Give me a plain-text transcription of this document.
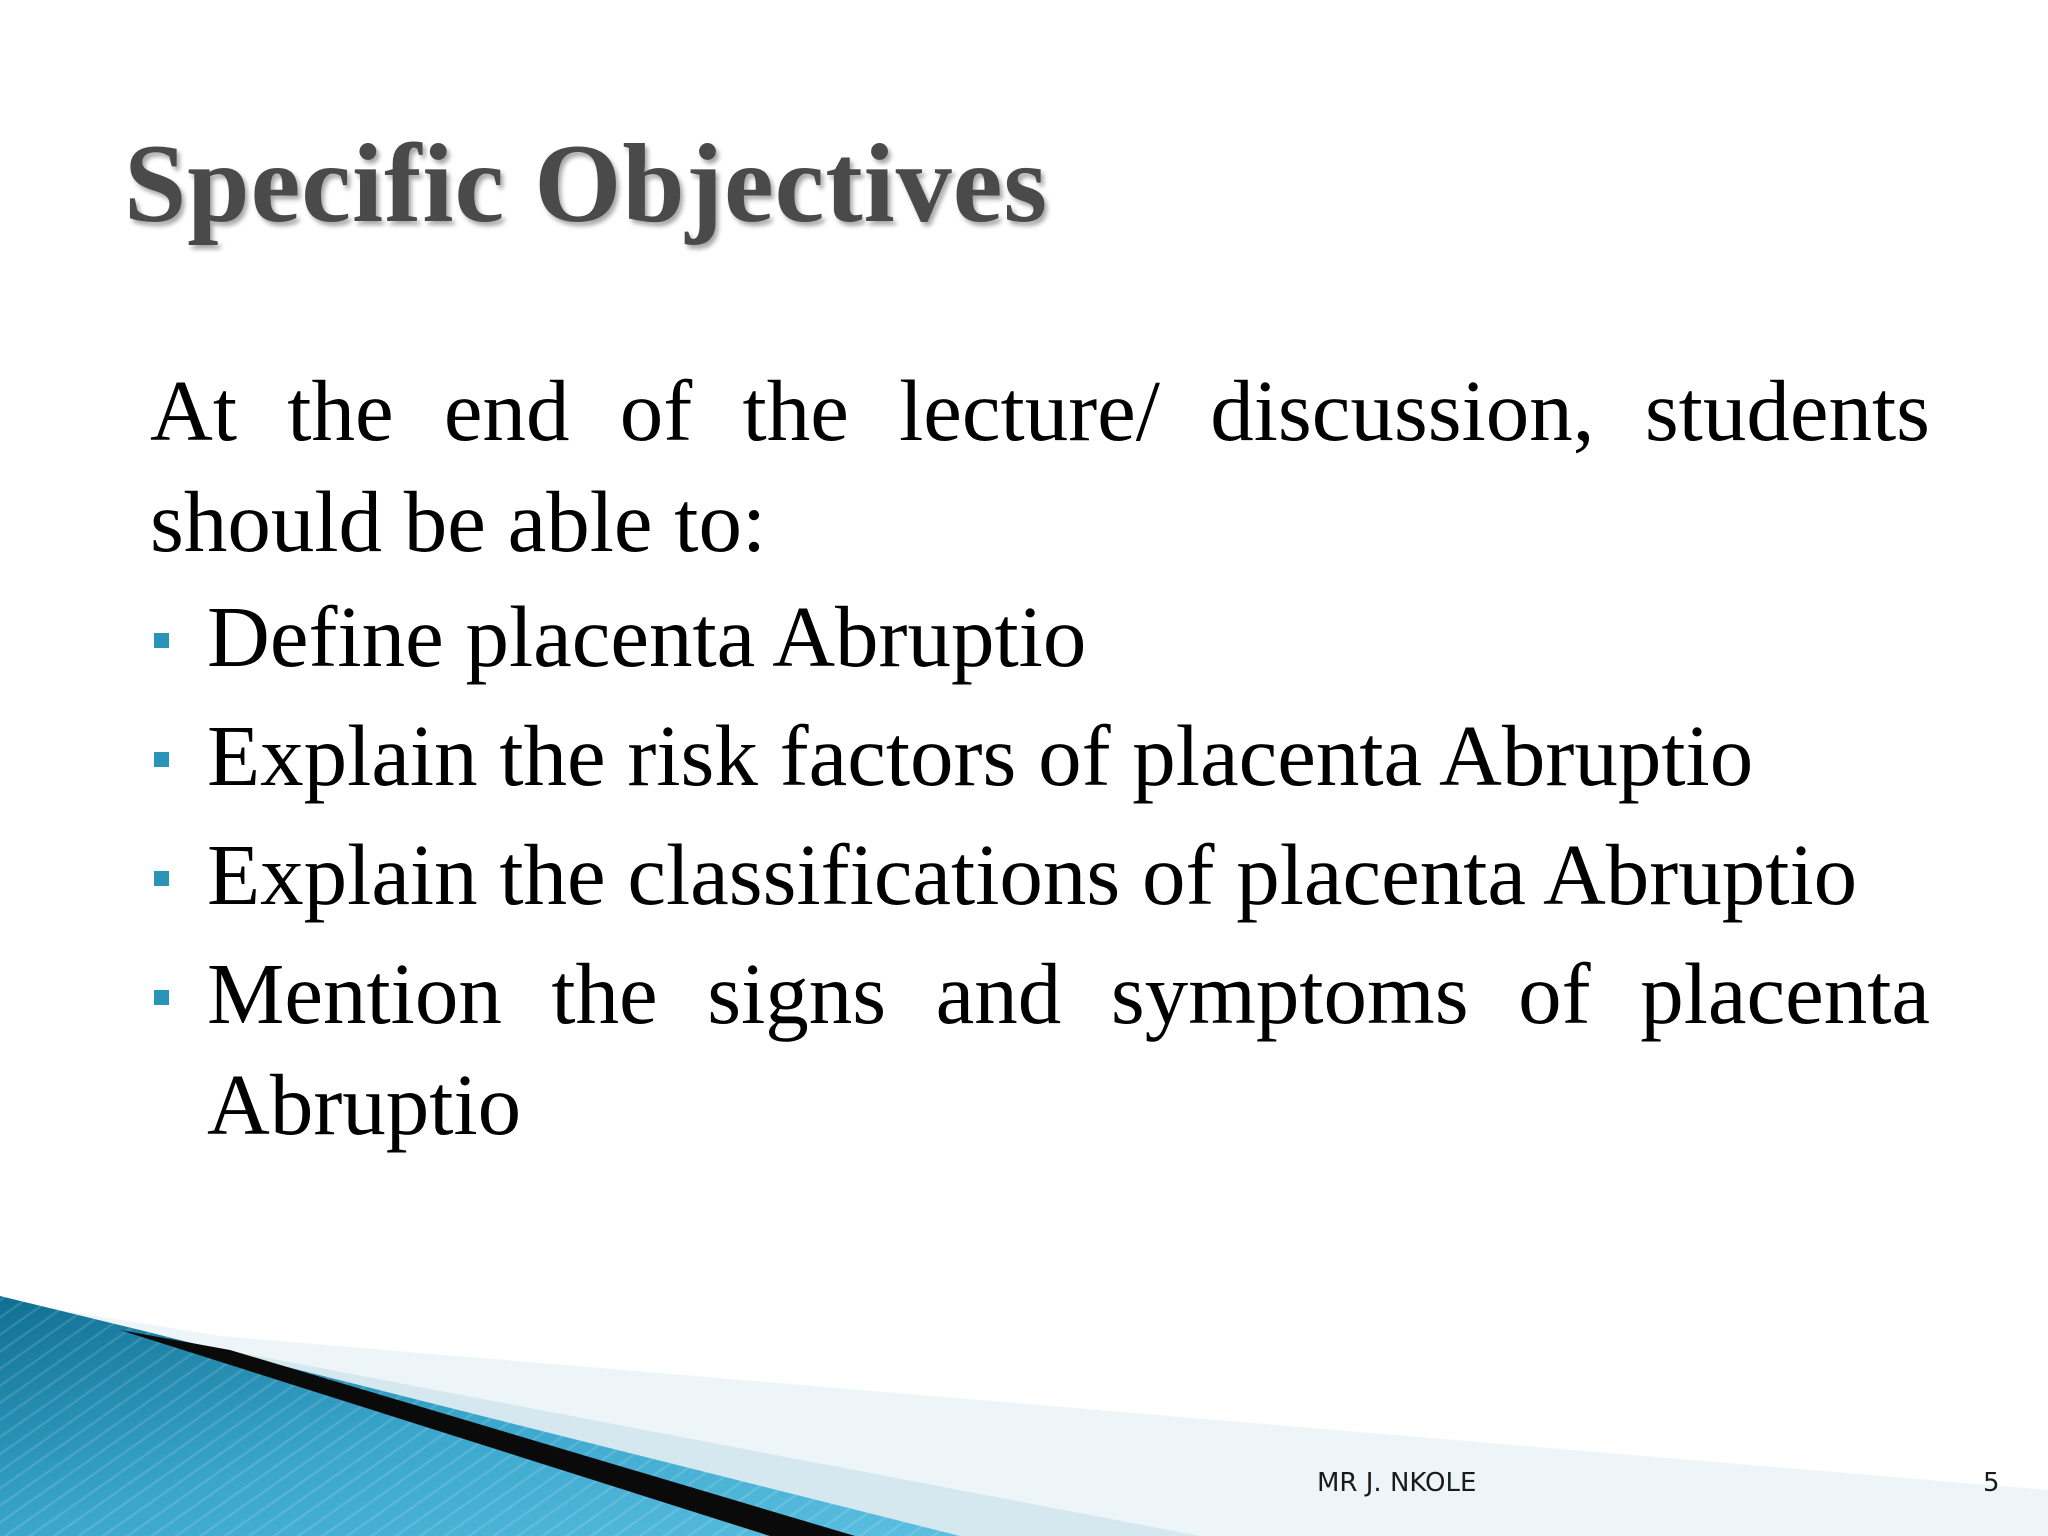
Specific Objectives

At the end of the lecture/ discussion, students should be able to:

Define placenta Abruptio
Explain the risk factors of placenta Abruptio
Explain the classifications of placenta Abruptio
Mention the signs and symptoms of placenta Abruptio
MR J. NKOLE	5
